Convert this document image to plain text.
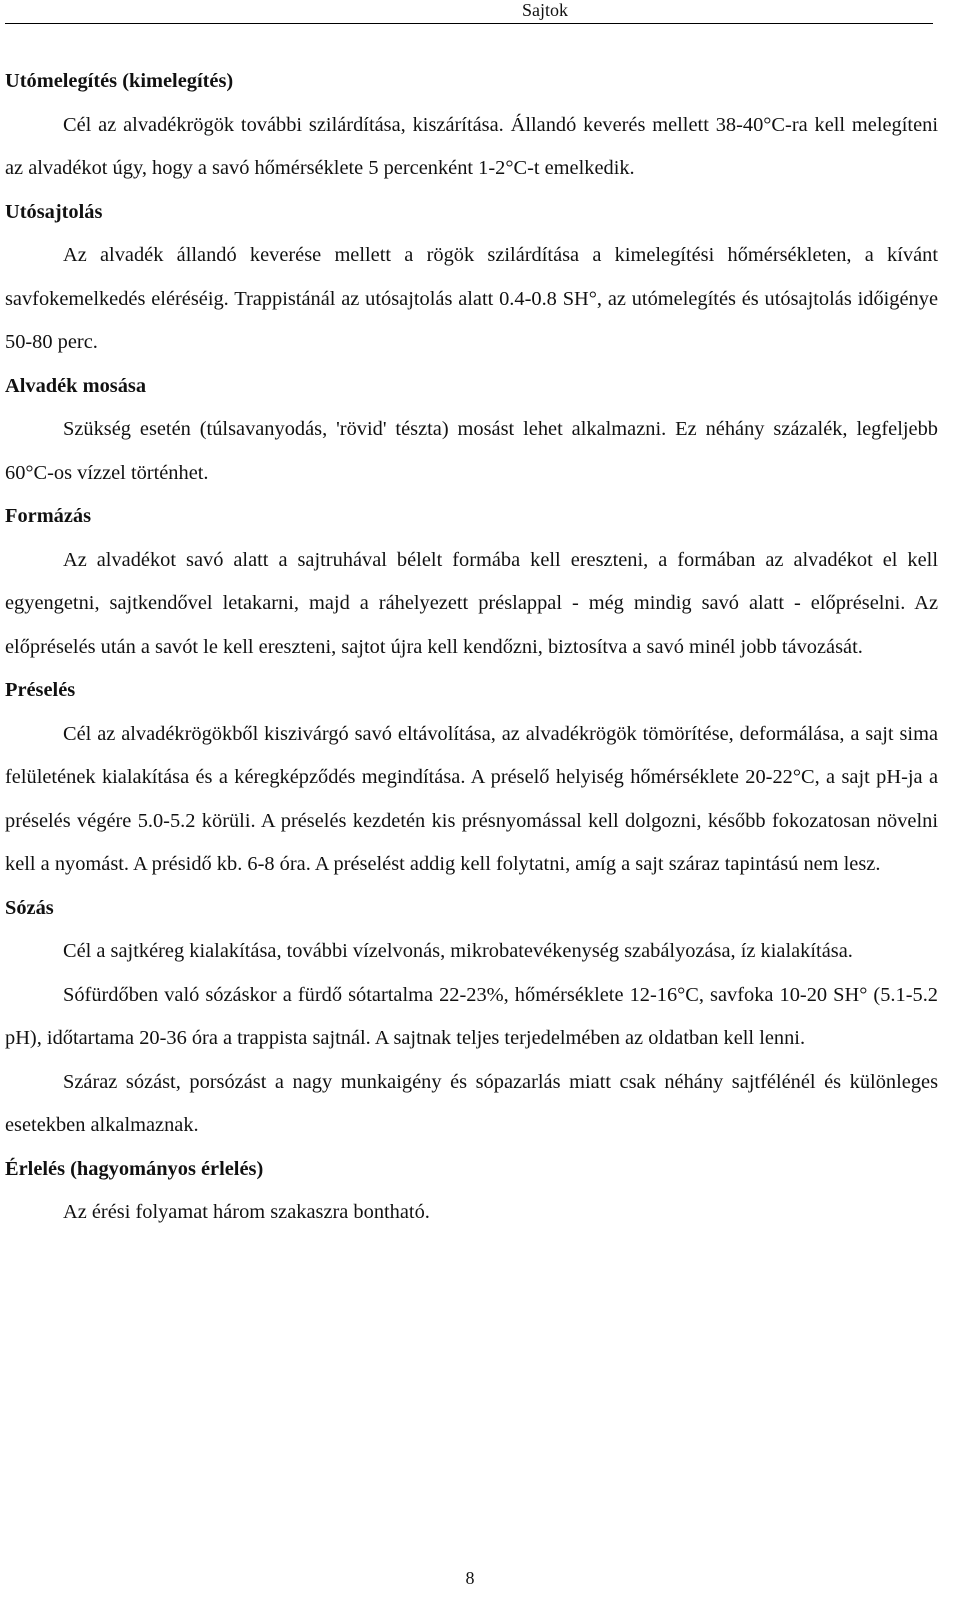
Sajtok
Utómelegítés (kimelegítés)

Cél az alvadékrögök további szilárdítása, kiszárítása. Állandó keverés mellett 38-40°C-ra kell melegíteni az alvadékot úgy, hogy a savó hőmérséklete 5 percenként 1-2°C-t emelkedik.

Utósajtolás

Az alvadék állandó keverése mellett a rögök szilárdítása a kimelegítési hőmérsékleten, a kívánt savfokemelkedés eléréséig. Trappistánál az utósajtolás alatt 0.4-0.8 SH°, az utómelegítés és utósajtolás időigénye 50-80 perc.

Alvadék mosása

Szükség esetén (túlsavanyodás, 'rövid' tészta) mosást lehet alkalmazni. Ez néhány százalék, legfeljebb 60°C-os vízzel történhet.

Formázás

Az alvadékot savó alatt a sajtruhával bélelt formába kell ereszteni, a formában az alvadékot el kell egyengetni, sajtkendővel letakarni, majd a ráhelyezett préslappal - még mindig savó alatt - előpréselni. Az előpréselés után a savót le kell ereszteni, sajtot újra kell kendőzni, biztosítva a savó minél jobb távozását.

Préselés

Cél az alvadékrögökből kiszivárgó savó eltávolítása, az alvadékrögök tömörítése, deformálása, a sajt sima felületének kialakítása és a kéregképződés megindítása. A préselő helyiség hőmérséklete 20-22°C, a sajt pH-ja a préselés végére 5.0-5.2 körüli. A préselés kezdetén kis présnyomással kell dolgozni, később fokozatosan növelni kell a nyomást. A présidő kb. 6-8 óra. A préselést addig kell folytatni, amíg a sajt száraz tapintású nem lesz.

Sózás

Cél a sajtkéreg kialakítása, további vízelvonás, mikrobatevékenység szabályozása, íz kialakítása.

Sófürdőben való sózáskor a fürdő sótartalma 22-23%, hőmérséklete 12-16°C, savfoka 10-20 SH° (5.1-5.2 pH), időtartama 20-36 óra a trappista sajtnál. A sajtnak teljes terjedelmében az oldatban kell lenni.

Száraz sózást, porsózást a nagy munkaigény és sópazarlás miatt csak néhány sajtfélénél és különleges esetekben alkalmaznak.

Érlelés (hagyományos érlelés)

Az érési folyamat három szakaszra bontható.

8
